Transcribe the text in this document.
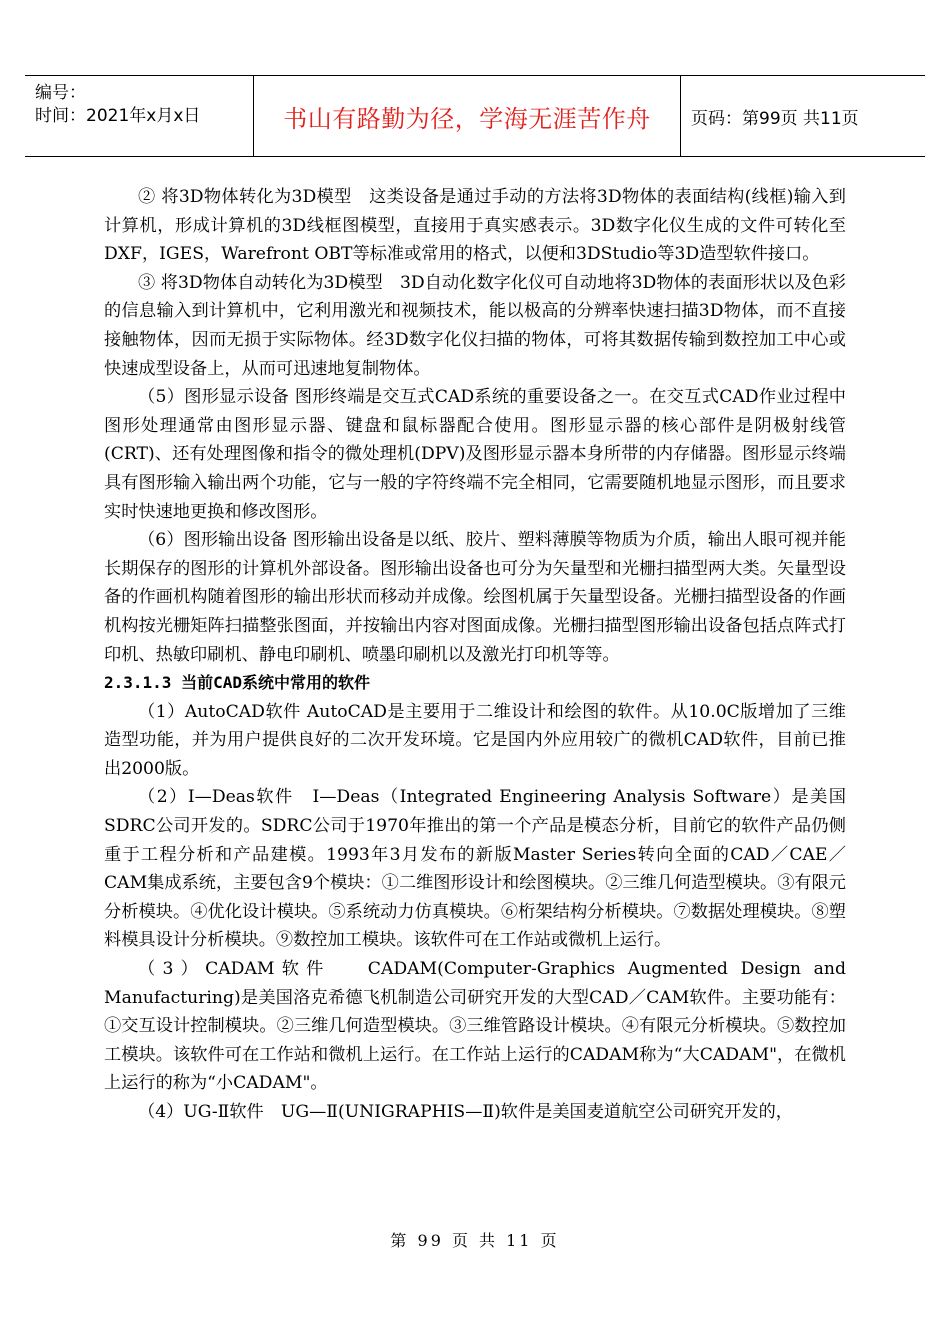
编号：
时间：2021年x月x日	书山有路勤为径，学海无涯苦作舟	页码：第99页 共11页

② 将3D物体转化为3D模型　这类设备是通过手动的方法将3D物体的表面结构(线框)输入到计算机，形成计算机的3D线框图模型，直接用于真实感表示。3D数字化仪生成的文件可转化至DXF，IGES，Warefront OBT等标准或常用的格式，以便和3DStudio等3D造型软件接口。

③ 将3D物体自动转化为3D模型　3D自动化数字化仪可自动地将3D物体的表面形状以及色彩的信息输入到计算机中，它利用激光和视频技术，能以极高的分辨率快速扫描3D物体，而不直接接触物体，因而无损于实际物体。经3D数字化仪扫描的物体，可将其数据传输到数控加工中心或快速成型设备上，从而可迅速地复制物体。

（5）图形显示设备 图形终端是交互式CAD系统的重要设备之一。在交互式CAD作业过程中图形处理通常由图形显示器、键盘和鼠标器配合使用。图形显示器的核心部件是阴极射线管(CRT)、还有处理图像和指令的微处理机(DPV)及图形显示器本身所带的内存储器。图形显示终端具有图形输入输出两个功能，它与一般的字符终端不完全相同，它需要随机地显示图形，而且要求实时快速地更换和修改图形。

（6）图形输出设备 图形输出设备是以纸、胶片、塑料薄膜等物质为介质，输出人眼可视并能长期保存的图形的计算机外部设备。图形输出设备也可分为矢量型和光栅扫描型两大类。矢量型设备的作画机构随着图形的输出形状而移动并成像。绘图机属于矢量型设备。光栅扫描型设备的作画机构按光栅矩阵扫描整张图面，并按输出内容对图面成像。光栅扫描型图形输出设备包括点阵式打印机、热敏印刷机、静电印刷机、喷墨印刷机以及激光打印机等等。

2.3.1.3 当前CAD系统中常用的软件

（1）AutoCAD软件 AutoCAD是主要用于二维设计和绘图的软件。从10.0C版增加了三维造型功能，并为用户提供良好的二次开发环境。它是国内外应用较广的微机CAD软件，目前已推出2000版。

（2）I—Deas软件　I—Deas（Integrated Engineering Analysis Software）是美国SDRC公司开发的。SDRC公司于1970年推出的第一个产品是模态分析，目前它的软件产品仍侧重于工程分析和产品建模。1993年3月发布的新版Master Series转向全面的CAD／CAE／CAM集成系统，主要包含9个模块：①二维图形设计和绘图模块。②三维几何造型模块。③有限元分析模块。④优化设计模块。⑤系统动力仿真模块。⑥桁架结构分析模块。⑦数据处理模块。⑧塑料模具设计分析模块。⑨数控加工模块。该软件可在工作站或微机上运行。

（3）CADAM软件　 CADAM(Computer-Graphics Augmented Design and Manufacturing)是美国洛克希德飞机制造公司研究开发的大型CAD／CAM软件。主要功能有：①交互设计控制模块。②三维几何造型模块。③三维管路设计模块。④有限元分析模块。⑤数控加工模块。该软件可在工作站和微机上运行。在工作站上运行的CADAM称为“大CADAM"，在微机上运行的称为“小CADAM"。

（4）UG-Ⅱ软件　UG—Ⅱ(UNIGRAPHIS—Ⅱ)软件是美国麦道航空公司研究开发的，

第 99 页 共 11 页
